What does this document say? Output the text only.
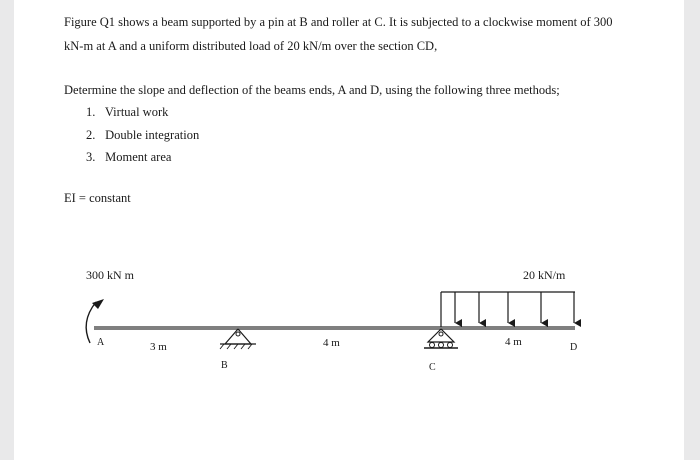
Figure Q1 shows a beam supported by a pin at B and roller at C. It is subjected to a clockwise moment of 300
kN-m at A and a uniform distributed load of 20 kN/m over the section CD,
Determine the slope and deflection of the beams ends, A and D, using the following three methods;
1. Virtual work
2. Double integration
3. Moment area
EI = constant
300 kN m	20 kN/m
A
B	C
D
3 m	4 m	4 m
